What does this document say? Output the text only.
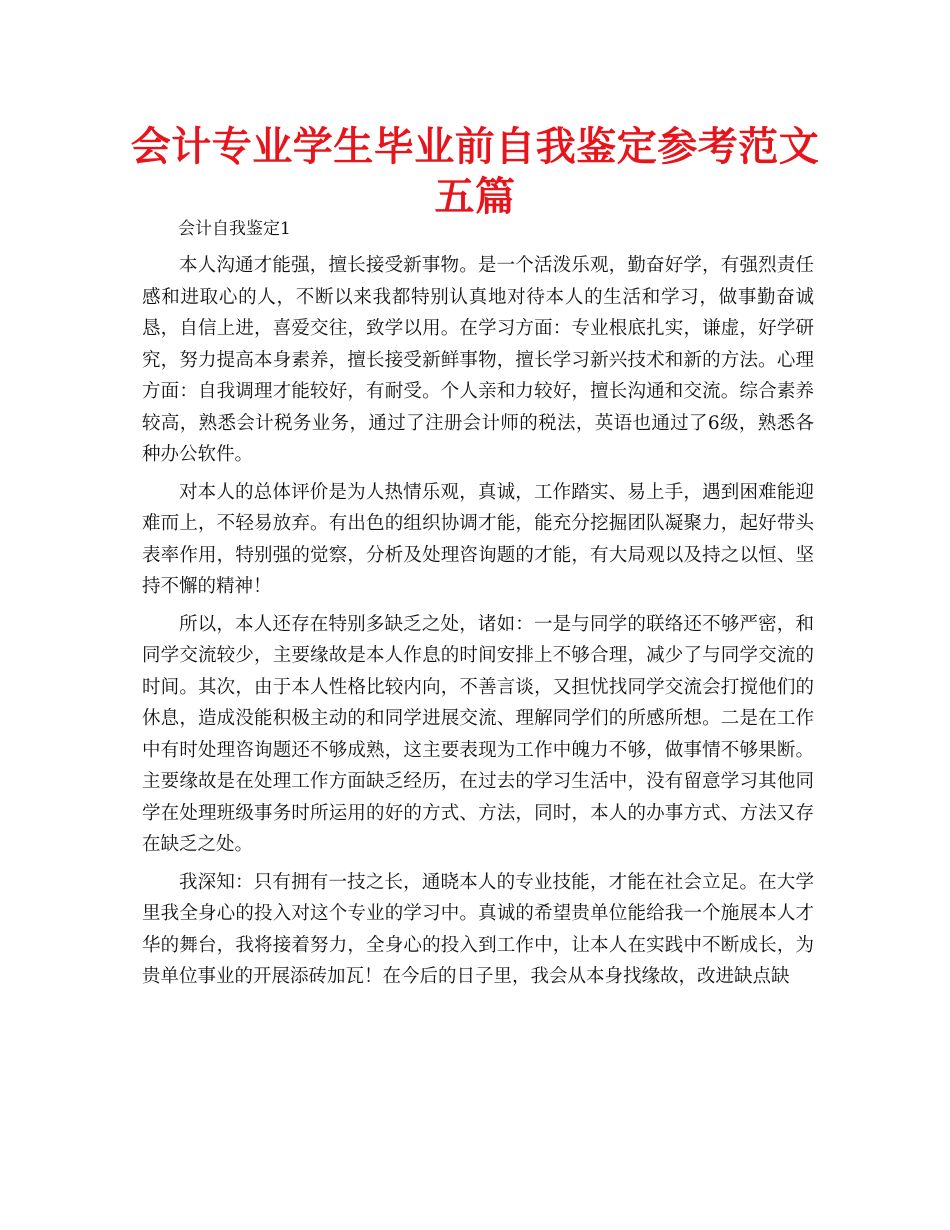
会计专业学生毕业前自我鉴定参考范文五篇
会计自我鉴定1

本人沟通才能强，擅长接受新事物。是一个活泼乐观，勤奋好学，有强烈责任感和进取心的人，不断以来我都特别认真地对待本人的生活和学习，做事勤奋诚恳，自信上进，喜爱交往，致学以用。在学习方面：专业根底扎实，谦虚，好学研究，努力提高本身素养，擅长接受新鲜事物，擅长学习新兴技术和新的方法。心理方面：自我调理才能较好，有耐受。个人亲和力较好，擅长沟通和交流。综合素养较高，熟悉会计税务业务，通过了注册会计师的税法，英语也通过了6级，熟悉各种办公软件。

对本人的总体评价是为人热情乐观，真诚，工作踏实、易上手，遇到困难能迎难而上，不轻易放弃。有出色的组织协调才能，能充分挖掘团队凝聚力，起好带头表率作用，特别强的觉察，分析及处理咨询题的才能，有大局观以及持之以恒、坚持不懈的精神！

所以，本人还存在特别多缺乏之处，诸如：一是与同学的联络还不够严密，和同学交流较少，主要缘故是本人作息的时间安排上不够合理，减少了与同学交流的时间。其次，由于本人性格比较内向，不善言谈，又担忧找同学交流会打搅他们的休息，造成没能积极主动的和同学进展交流、理解同学们的所感所想。二是在工作中有时处理咨询题还不够成熟，这主要表现为工作中魄力不够，做事情不够果断。主要缘故是在处理工作方面缺乏经历，在过去的学习生活中，没有留意学习其他同学在处理班级事务时所运用的好的方式、方法，同时，本人的办事方式、方法又存在缺乏之处。

我深知：只有拥有一技之长，通晓本人的专业技能，才能在社会立足。在大学里我全身心的投入对这个专业的学习中。真诚的希望贵单位能给我一个施展本人才华的舞台，我将接着努力，全身心的投入到工作中，让本人在实践中不断成长，为贵单位事业的开展添砖加瓦！在今后的日子里，我会从本身找缘故，改进缺点缺
